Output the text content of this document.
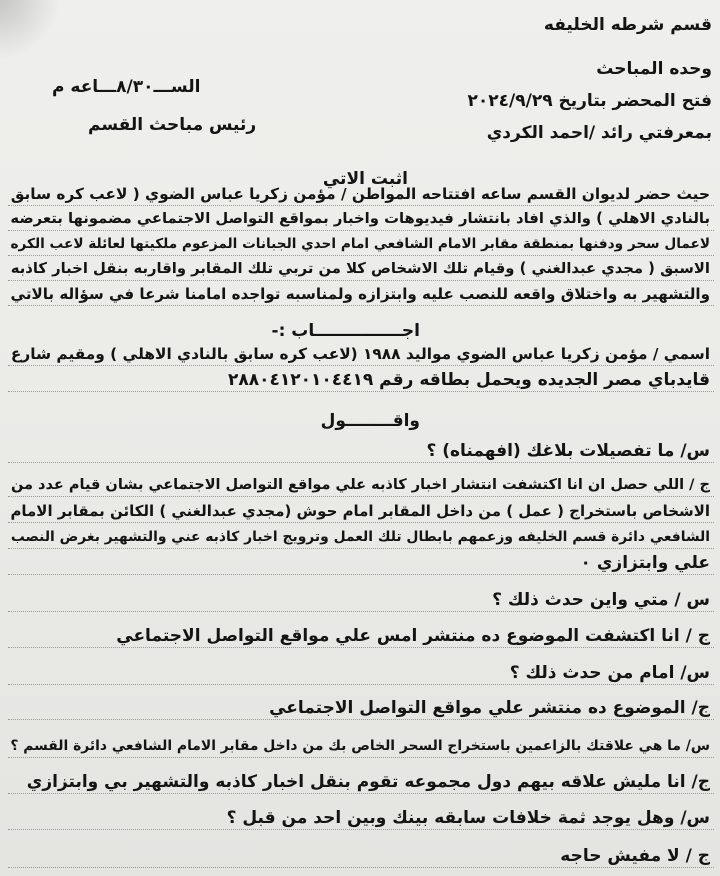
قسم شرطه الخليفه
وحده المباحث
الســـ٨/٣٠ـــاعه م
فتح المحضر بتاريخ ٢٠٢٤/٩/٢٩
رئيس مباحث القسم	بمعرفتي رائد /احمد الكردي
اثبت الاتي
حيث حضر لديوان القسم ساعه افتتاحه المواطن / مؤمن زكريا عباس الضوي ( لاعب كره سابق
بالنادي الاهلي ) والذي افاد بانتشار فيديوهات واخبار بمواقع التواصل الاجتماعي مضمونها بتعرضه
لاعمال سحر ودفنها بمنطقة مقابر الامام الشافعي امام احدي الجبانات المزعوم ملكيتها لعائلة لاعب الكره
الاسبق ( مجدي عبدالغني ) وقيام تلك الاشخاص كلا من تربي تلك المقابر واقاربه بنقل اخبار كاذبه
والتشهير به واختلاق واقعه للنصب عليه وابتزازه ولمناسبه تواجده امامنا شرعا في سؤاله بالاتي
اجـــــــــــــــاب :-
اسمي / مؤمن زكريا عباس الضوي مواليد ١٩٨٨ (لاعب كره سابق بالنادي الاهلي ) ومقيم شارع
قايدباي مصر الجديده ويحمل بطاقه رقم ٢٨٨٠٤١٢٠١٠٤٤١٩
واقــــــــول
س/ ما تفصيلات بلاغك (افهمناه) ؟
ج / اللي حصل ان انا اكتشفت انتشار اخبار كاذبه علي مواقع التواصل الاجتماعي بشان قيام عدد من
الاشخاص باستخراج ( عمل ) من داخل المقابر امام حوش (مجدي عبدالغني ) الكائن بمقابر الامام
الشافعي دائرة قسم الخليفه وزعمهم بابطال تلك العمل وترويج اخبار كاذبه عني والتشهير بغرض النصب
علي وابتزازي ٠
س / متي واين حدث ذلك ؟
ج / انا اكتشفت الموضوع ده منتشر امس علي مواقع التواصل الاجتماعي
س/ امام من حدث ذلك ؟
ج/ الموضوع ده منتشر علي مواقع التواصل الاجتماعي
س/ ما هي علاقتك بالزاعمين باستخراج السحر الخاص بك من داخل مقابر الامام الشافعي دائرة القسم ؟
ج/ انا مليش علاقه بيهم دول مجموعه تقوم بنقل اخبار كاذبه والتشهير بي وابتزازي
س/ وهل يوجد ثمة خلافات سابقه بينك وبين احد من قبل ؟
ج / لا مفيش حاجه
